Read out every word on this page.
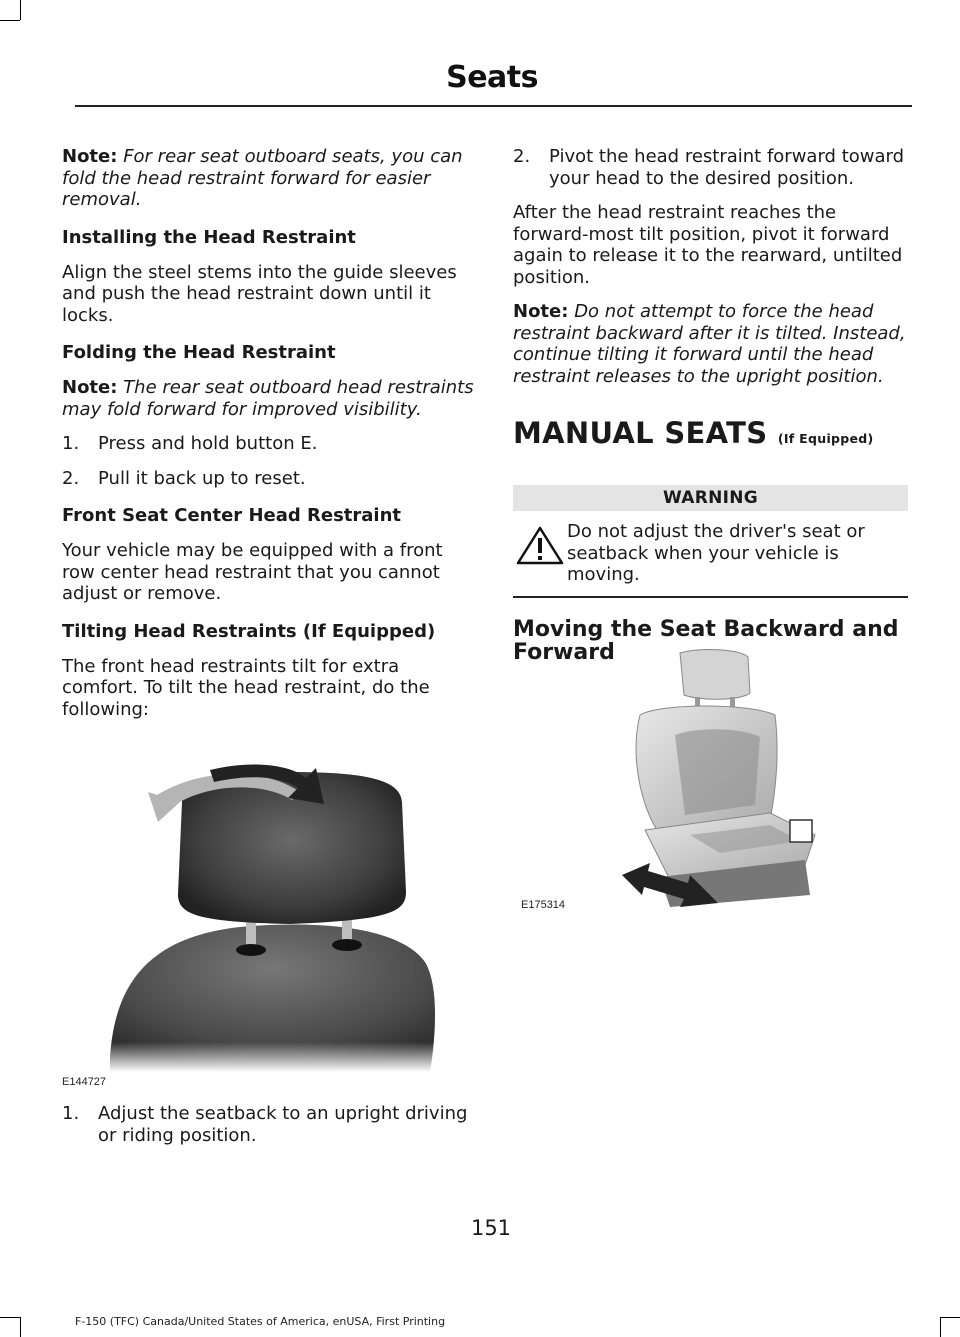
Seats

Note: For rear seat outboard seats, you can fold the head restraint forward for easier removal.

Installing the Head Restraint

Align the steel stems into the guide sleeves and push the head restraint down until it locks.

Folding the Head Restraint

Note: The rear seat outboard head restraints may fold forward for improved visibility.

1.	Press and hold button E.
2.	Pull it back up to reset.

Front Seat Center Head Restraint

Your vehicle may be equipped with a front row center head restraint that you cannot adjust or remove.

Tilting Head Restraints (If Equipped)

The front head restraints tilt for extra comfort. To tilt the head restraint, do the following:

E144727
1.	Adjust the seatback to an upright driving or riding position.
2.	Pivot the head restraint forward toward your head to the desired position.

After the head restraint reaches the forward-most tilt position, pivot it forward again to release it to the rearward, untilted position.

Note: Do not attempt to force the head restraint backward after it is tilted. Instead, continue tilting it forward until the head restraint releases to the upright position.

MANUAL SEATS (If Equipped)

WARNING
Do not adjust the driver's seat or seatback when your vehicle is moving.

Moving the Seat Backward and Forward

E175314
151
F-150 (TFC) Canada/United States of America, enUSA, First Printing
